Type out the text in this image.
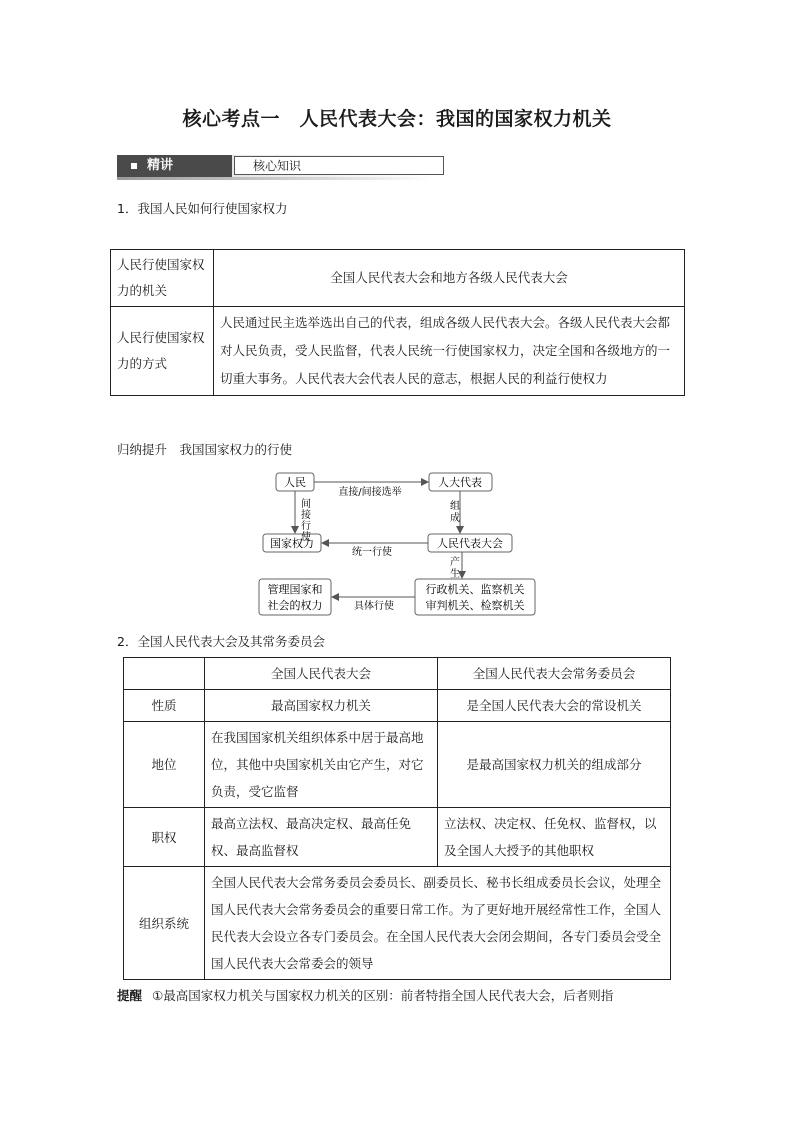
核心考点一　人民代表大会：我国的国家权力机关
精讲	核心知识
1．我国人民如何行使国家权力
人民行使国家权力的机关	全国人民代表大会和地方各级人民代表大会
人民行使国家权力的方式	人民通过民主选举选出自己的代表，组成各级人民代表大会。各级人民代表大会都对人民负责，受人民监督，代表人民统一行使国家权力，决定全国和各级地方的一切重大事务。人民代表大会代表人民的意志，根据人民的利益行使权力
归纳提升　我国国家权力的行使
人民	人大代表
国家权力	人民代表大会
管理国家和
社会的权力
行政机关、监察机关
审判机关、检察机关
直接/间接选举
间接行使	组成
统一行使
产生
具体行使
2．全国人民代表大会及其常务委员会
	全国人民代表大会	全国人民代表大会常务委员会
性质	最高国家权力机关	是全国人民代表大会的常设机关
地位	在我国国家机关组织体系中居于最高地位，其他中央国家机关由它产生，对它负责，受它监督	是最高国家权力机关的组成部分
职权	最高立法权、最高决定权、最高任免权、最高监督权	立法权、决定权、任免权、监督权，以及全国人大授予的其他职权
组织系统	全国人民代表大会常务委员会委员长、副委员长、秘书长组成委员长会议，处理全国人民代表大会常务委员会的重要日常工作。为了更好地开展经常性工作，全国人民代表大会设立各专门委员会。在全国人民代表大会闭会期间，各专门委员会受全国人民代表大会常委会的领导	
提醒 ①最高国家权力机关与国家权力机关的区别：前者特指全国人民代表大会，后者则指
